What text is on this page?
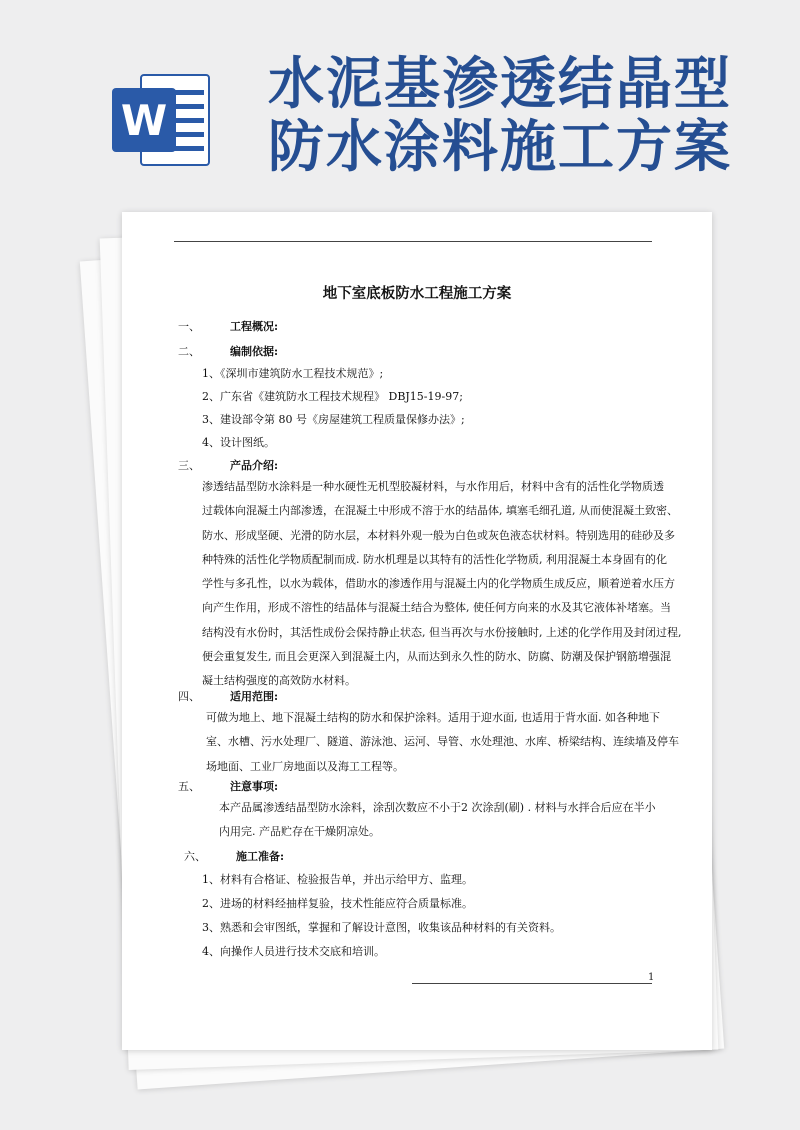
W
水泥基渗透结晶型
防水涂料施工方案
地下室底板防水工程施工方案
一、	工程概况:
二、	编制依据:
1、《深圳市建筑防水工程技术规范》;
2、广东省《建筑防水工程技术规程》 DBJ15-19-97;
3、建设部令第 80 号《房屋建筑工程质量保修办法》;
4、设计图纸。
三、	产品介绍:
渗透结晶型防水涂料是一种水硬性无机型胶凝材料，与水作用后，材料中含有的活性化学物质透
过载体向混凝土内部渗透，在混凝土中形成不溶于水的结晶体, 填塞毛细孔道, 从而使混凝土致密、
防水、形成坚硬、光滑的防水层，本材料外观一般为白色或灰色液态状材料。特别选用的硅砂及多
种特殊的活性化学物质配制而成. 防水机理是以其特有的活性化学物质, 利用混凝土本身固有的化
学性与多孔性，以水为载体，借助水的渗透作用与混凝土内的化学物质生成反应，顺着逆着水压方
向产生作用，形成不溶性的结晶体与混凝土结合为整体, 使任何方向来的水及其它液体补堵塞。当
结构没有水份时，其活性成份会保持静止状态, 但当再次与水份接触时, 上述的化学作用及封闭过程,
便会重复发生, 而且会更深入到混凝土内，从而达到永久性的防水、防腐、防潮及保护钢筋增强混
凝土结构强度的高效防水材料。
四、	适用范围:
可做为地上、地下混凝土结构的防水和保护涂料。适用于迎水面, 也适用于背水面. 如各种地下
室、水槽、污水处理厂、隧道、游泳池、运河、导管、水处理池、水库、桥梁结构、连续墙及停车
场地面、工业厂房地面以及海工工程等。
五、	注意事项:
本产品属渗透结晶型防水涂料，涂刮次数应不小于2 次涂刮(刷) . 材料与水拌合后应在半小
内用完. 产品贮存在干燥阴凉处。
六、	施工准备:
1、材料有合格证、检验报告单，并出示给甲方、监理。
2、进场的材料经抽样复验，技术性能应符合质量标准。
3、熟悉和会审图纸，掌握和了解设计意图，收集该品种材料的有关资料。
4、向操作人员进行技术交底和培训。
1
